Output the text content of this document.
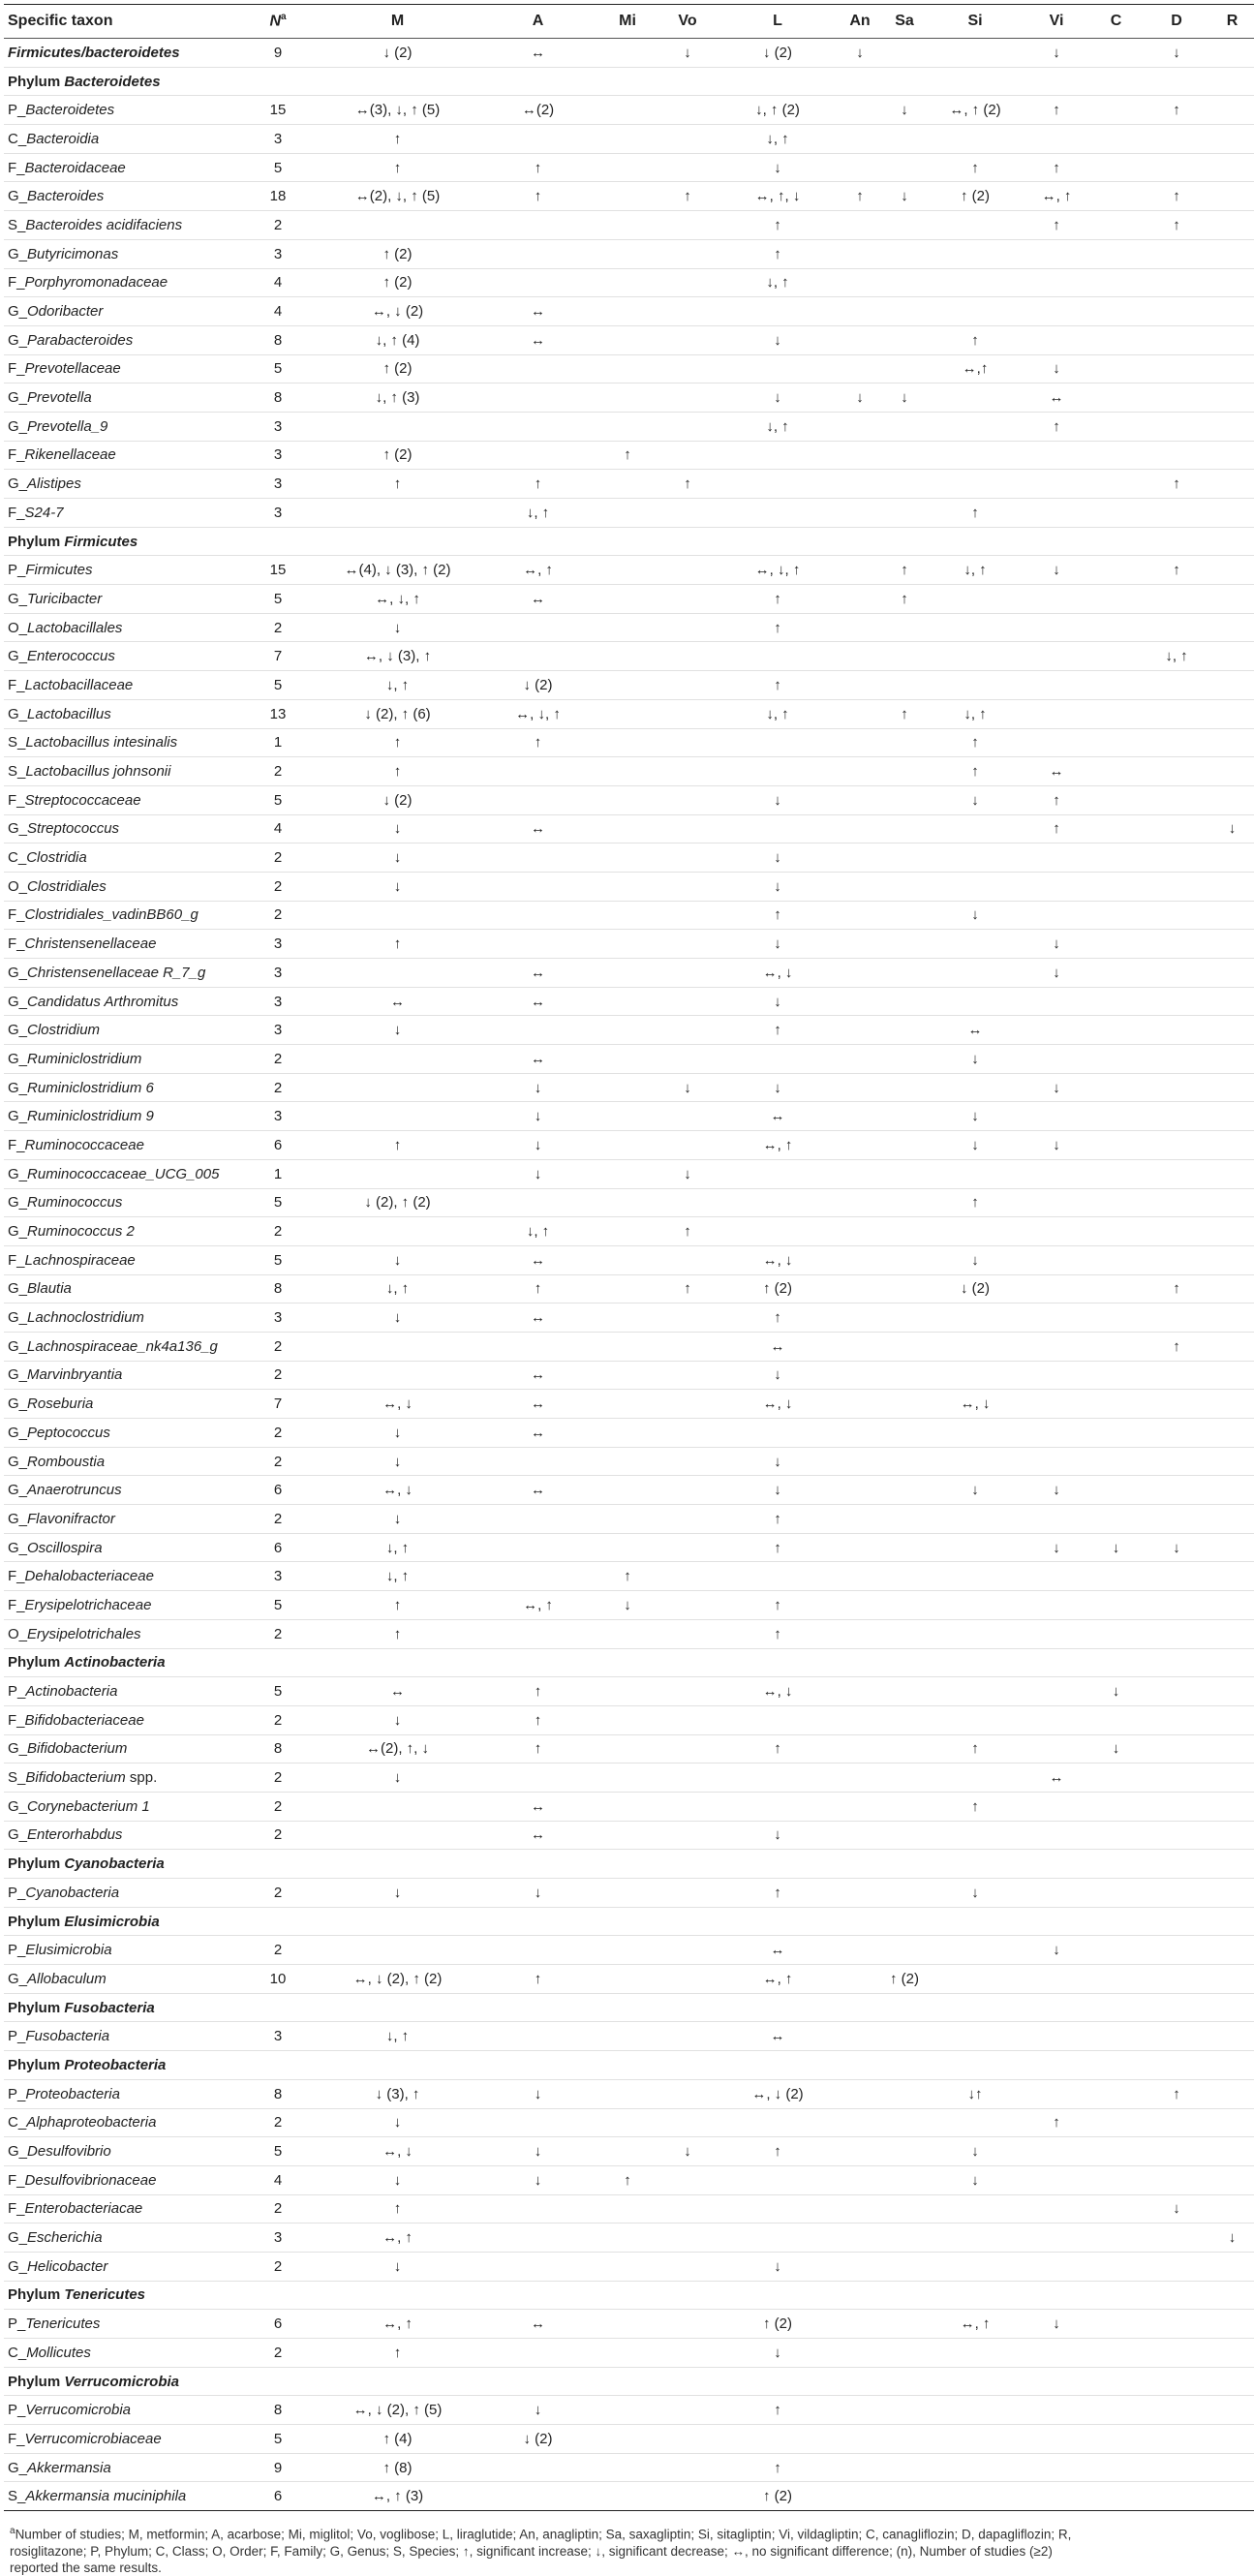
Specific taxon	$N^a$	M	A	Mi	Vo	L	An	Sa	Si	Vi	C	D	R
Firmicutes/bacteroidetes	9	↓ (2)	↔		↓	↓ (2)	↓			↓		↓	
Phylum Bacteroidetes													
P_Bacteroidetes	15	↔(3), ↓, ↑ (5)	↔(2)			↓, ↑ (2)		↓	↔, ↑ (2)	↑		↑	
C_Bacteroidia	3	↑				↓, ↑							
F_Bacteroidaceae	5	↑	↑			↓			↑	↑			
G_Bacteroides	18	↔(2), ↓, ↑ (5)	↑		↑	↔, ↑, ↓	↑	↓	↑ (2)	↔, ↑		↑	
S_Bacteroides acidifaciens	2					↑				↑		↑	
G_Butyricimonas	3	↑ (2)				↑							
F_Porphyromonadaceae	4	↑ (2)				↓, ↑							
G_Odoribacter	4	↔, ↓ (2)	↔										
G_Parabacteroides	8	↓, ↑ (4)	↔			↓			↑				
F_Prevotellaceae	5	↑ (2)							↔,↑	↓			
G_Prevotella	8	↓, ↑ (3)				↓	↓	↓		↔			
G_Prevotella_9	3					↓, ↑				↑			
F_Rikenellaceae	3	↑ (2)		↑									
G_Alistipes	3	↑	↑		↑							↑	
F_S24-7	3		↓, ↑						↑				
Phylum Firmicutes													
P_Firmicutes	15	↔(4), ↓ (3), ↑ (2)	↔, ↑			↔, ↓, ↑		↑	↓, ↑	↓		↑	
G_Turicibacter	5	↔, ↓, ↑	↔			↑		↑					
O_Lactobacillales	2	↓				↑							
G_Enterococcus	7	↔, ↓ (3), ↑										↓, ↑	
F_Lactobacillaceae	5	↓, ↑	↓ (2)			↑							
G_Lactobacillus	13	↓ (2), ↑ (6)	↔, ↓, ↑			↓, ↑		↑	↓, ↑				
S_Lactobacillus intesinalis	1	↑	↑						↑				
S_Lactobacillus johnsonii	2	↑							↑	↔			
F_Streptococcaceae	5	↓ (2)				↓			↓	↑			
G_Streptococcus	4	↓	↔							↑			↓
C_Clostridia	2	↓				↓							
O_Clostridiales	2	↓				↓							
F_Clostridiales_vadinBB60_g	2					↑			↓				
F_Christensenellaceae	3	↑				↓				↓			
G_Christensenellaceae R_7_g	3		↔			↔, ↓				↓			
G_Candidatus Arthromitus	3	↔	↔			↓							
G_Clostridium	3	↓				↑			↔				
G_Ruminiclostridium	2		↔						↓				
G_Ruminiclostridium 6	2		↓		↓	↓				↓			
G_Ruminiclostridium 9	3		↓			↔			↓				
F_Ruminococcaceae	6	↑	↓			↔, ↑			↓	↓			
G_Ruminococcaceae_UCG_005	1		↓		↓								
G_Ruminococcus	5	↓ (2), ↑ (2)							↑				
G_Ruminococcus 2	2		↓, ↑		↑								
F_Lachnospiraceae	5	↓	↔			↔, ↓			↓				
G_Blautia	8	↓, ↑	↑		↑	↑ (2)			↓ (2)			↑	
G_Lachnoclostridium	3	↓	↔			↑							
G_Lachnospiraceae_nk4a136_g	2					↔						↑	
G_Marvinbryantia	2		↔			↓							
G_Roseburia	7	↔, ↓	↔			↔, ↓			↔, ↓				
G_Peptococcus	2	↓	↔										
G_Romboustia	2	↓				↓							
G_Anaerotruncus	6	↔, ↓	↔			↓			↓	↓			
G_Flavonifractor	2	↓				↑							
G_Oscillospira	6	↓, ↑				↑				↓	↓	↓	
F_Dehalobacteriaceae	3	↓, ↑		↑									
F_Erysipelotrichaceae	5	↑	↔, ↑	↓		↑							
O_Erysipelotrichales	2	↑				↑							
Phylum Actinobacteria													
P_Actinobacteria	5	↔	↑			↔, ↓					↓		
F_Bifidobacteriaceae	2	↓	↑										
G_Bifidobacterium	8	↔(2), ↑, ↓	↑			↑			↑		↓		
S_Bifidobacterium spp.	2	↓								↔			
G_Corynebacterium 1	2		↔						↑				
G_Enterorhabdus	2		↔			↓							
Phylum Cyanobacteria													
P_Cyanobacteria	2	↓	↓			↑			↓				
Phylum Elusimicrobia													
P_Elusimicrobia	2					↔				↓			
G_Allobaculum	10	↔, ↓ (2), ↑ (2)	↑			↔, ↑		↑ (2)					
Phylum Fusobacteria													
P_Fusobacteria	3	↓, ↑				↔							
Phylum Proteobacteria													
P_Proteobacteria	8	↓ (3), ↑	↓			↔, ↓ (2)			↓↑			↑	
C_Alphaproteobacteria	2	↓								↑			
G_Desulfovibrio	5	↔, ↓	↓		↓	↑			↓				
F_Desulfovibrionaceae	4	↓	↓	↑					↓				
F_Enterobacteriacae	2	↑										↓	
G_Escherichia	3	↔, ↑											↓
G_Helicobacter	2	↓				↓							
Phylum Tenericutes													
P_Tenericutes	6	↔, ↑	↔			↑ (2)			↔, ↑	↓			
C_Mollicutes	2	↑				↓							
Phylum Verrucomicrobia													
P_Verrucomicrobia	8	↔, ↓ (2), ↑ (5)	↓			↑							
F_Verrucomicrobiaceae	5	↑ (4)	↓ (2)										
G_Akkermansia	9	↑ (8)				↑							
S_Akkermansia muciniphila	6	↔, ↑ (3)				↑ (2)							
$^a$Number of studies; M, metformin; A, acarbose; Mi, miglitol; Vo, voglibose; L, liraglutide; An, anagliptin; Sa, saxagliptin; Si, sitagliptin; Vi, vildagliptin; C, canagliflozin; D, dapagliflozin; R, rosiglitazone; P, Phylum; C, Class; O, Order; F, Family; G, Genus; S, Species; ↑, significant increase; ↓, significant decrease; ↔, no significant difference; (n), Number of studies (≥2) reported the same results.
